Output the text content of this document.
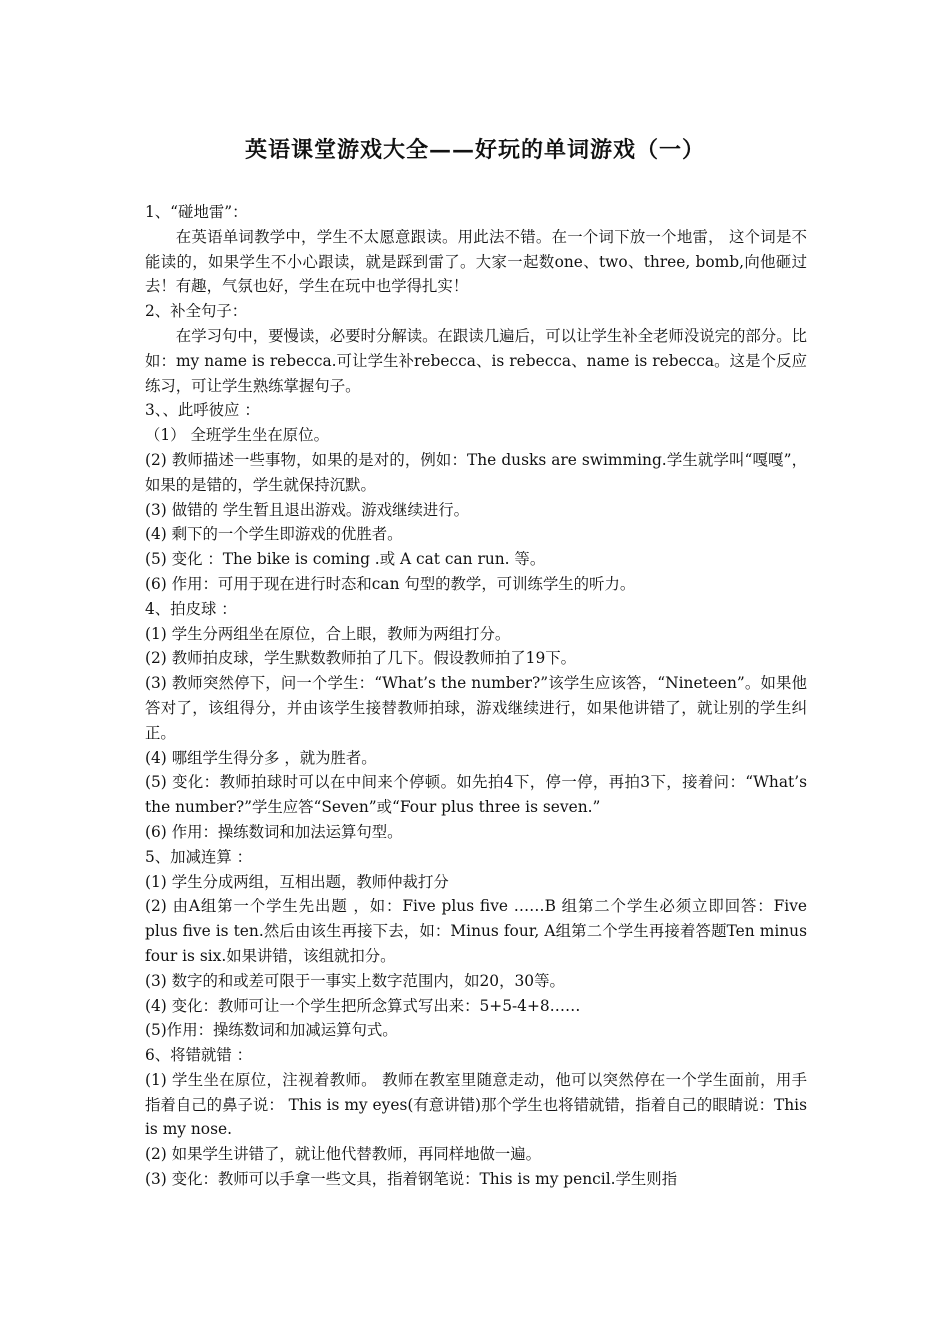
英语课堂游戏大全——好玩的单词游戏（一）

1、“碰地雷”：

在英语单词教学中，学生不太愿意跟读。用此法不错。在一个词下放一个地雷， 这个词是不能读的，如果学生不小心跟读，就是踩到雷了。大家一起数one、two、three, bomb,向他砸过去！有趣，气氛也好，学生在玩中也学得扎实！

2、补全句子：

在学习句中，要慢读，必要时分解读。在跟读几遍后，可以让学生补全老师没说完的部分。比如：my name is rebecca.可让学生补rebecca、is rebecca、name is rebecca。这是个反应练习，可让学生熟练掌握句子。

3、、此呼彼应 ：

（1） 全班学生坐在原位。

(2) 教师描述一些事物，如果的是对的，例如：The dusks are swimming.学生就学叫“嘎嘎”，如果的是错的，学生就保持沉默。

(3) 做错的 学生暂且退出游戏。游戏继续进行。

(4) 剩下的一个学生即游戏的优胜者。

(5) 变化 ：The bike is coming .或 A cat can run. 等。

(6) 作用：可用于现在进行时态和can 句型的教学，可训练学生的听力。

4、拍皮球 ：

(1) 学生分两组坐在原位，合上眼，教师为两组打分。

(2) 教师拍皮球，学生默数教师拍了几下。假设教师拍了19下。

(3) 教师突然停下，问一个学生：“What’s the number?”该学生应该答，“Nineteen”。如果他答对了，该组得分，并由该学生接替教师拍球，游戏继续进行，如果他讲错了，就让别的学生纠正。

(4) 哪组学生得分多 ，就为胜者。

(5) 变化：教师拍球时可以在中间来个停顿。如先拍4下，停一停，再拍3下，接着问：“What’s the number?”学生应答“Seven”或“Four plus three is seven.”

(6) 作用：操练数词和加法运算句型。

5、加减连算 ：

(1) 学生分成两组，互相出题，教师仲裁打分

(2) 由A组第一个学生先出题 ，如：Five plus five ……B 组第二个学生必须立即回答：Five plus five is ten.然后由该生再接下去，如：Minus four, A组第二个学生再接着答题Ten minus four is six.如果讲错，该组就扣分。

(3) 数字的和或差可限于一事实上数字范围内，如20，30等。

(4) 变化：教师可让一个学生把所念算式写出来：5+5-4+8……

(5)作用：操练数词和加减运算句式。

6、将错就错 ：

(1) 学生坐在原位，注视着教师。 教师在教室里随意走动，他可以突然停在一个学生面前，用手指着自己的鼻子说： This is my eyes(有意讲错)那个学生也将错就错，指着自己的眼睛说：This is my nose.

(2) 如果学生讲错了，就让他代替教师，再同样地做一遍。

(3) 变化：教师可以手拿一些文具，指着钢笔说：This is my pencil.学生则指
